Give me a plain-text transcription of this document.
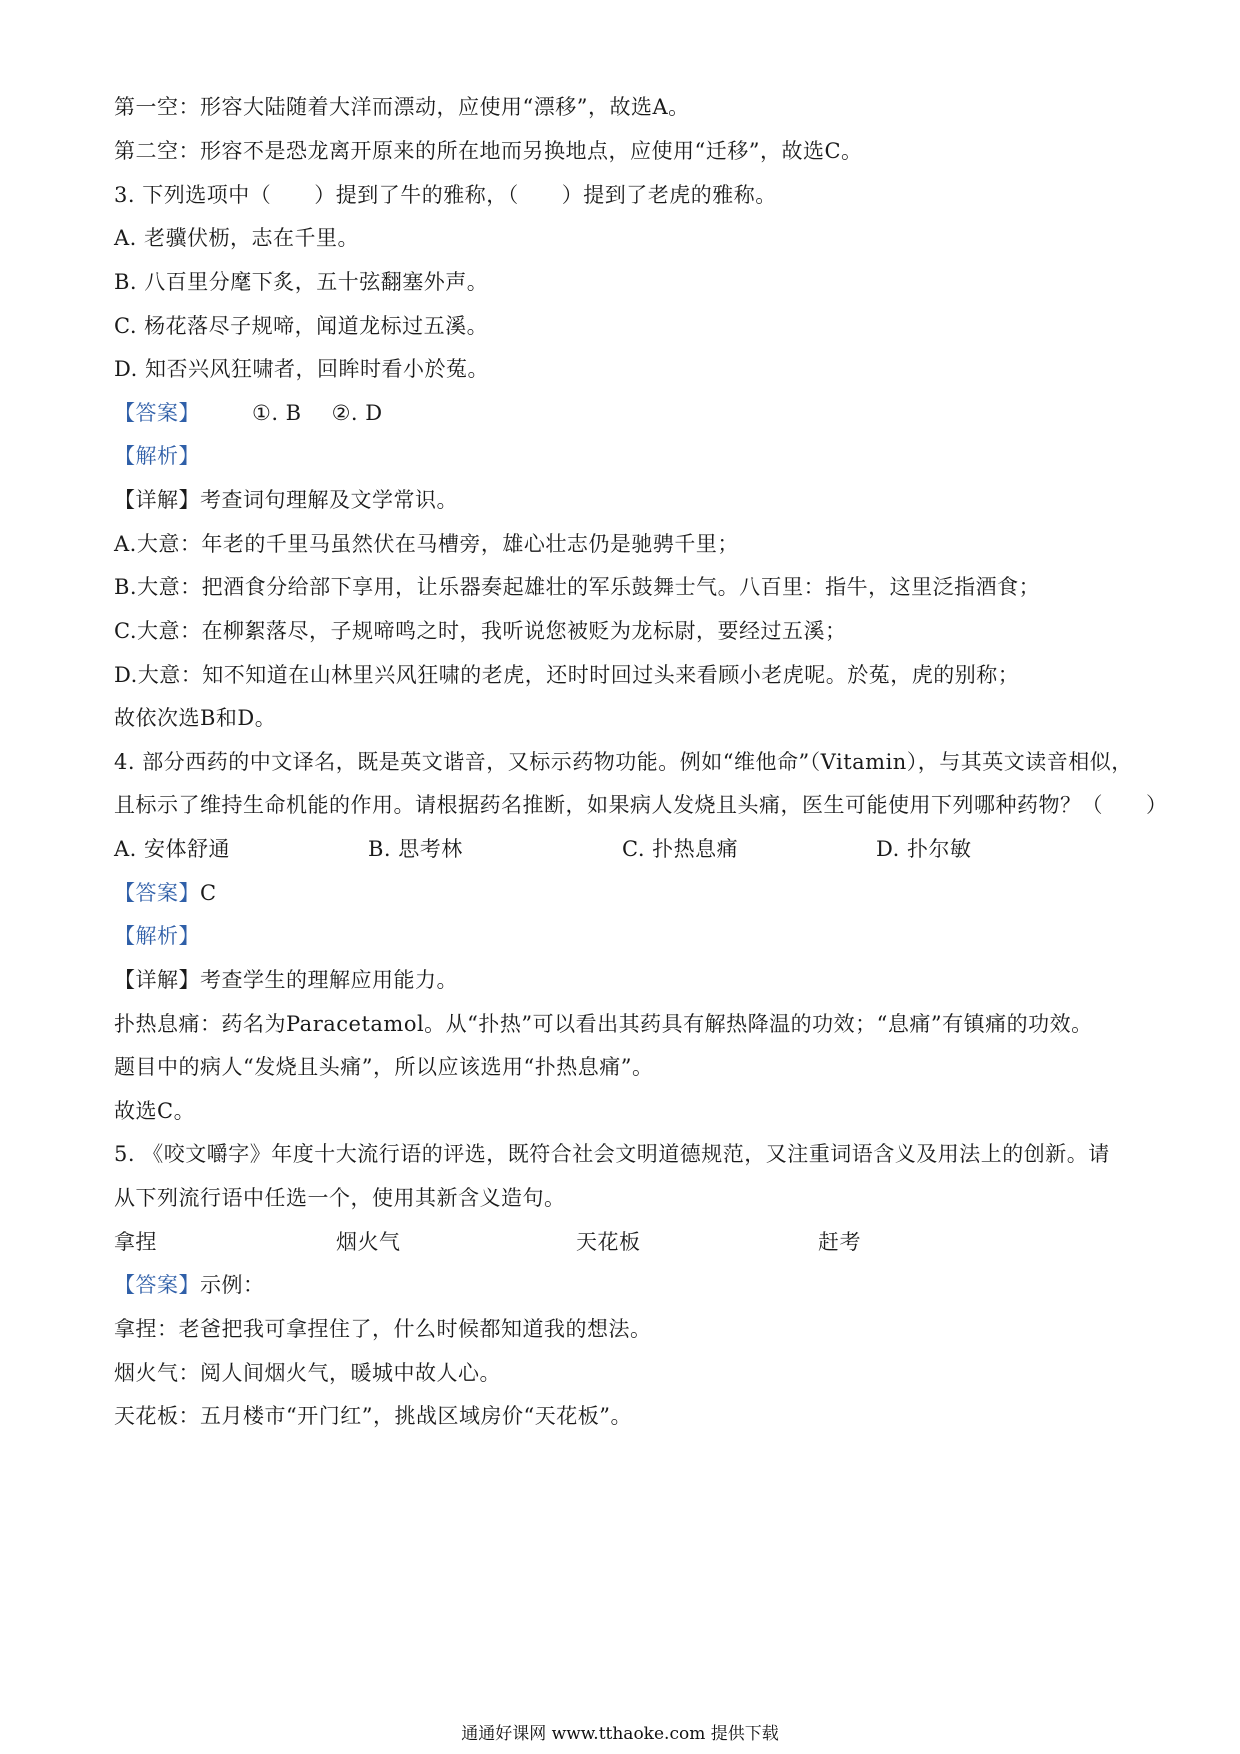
第一空：形容大陆随着大洋而漂动，应使用“漂移”，故选A。
第二空：形容不是恐龙离开原来的所在地而另换地点，应使用“迁移”，故选C。
3. 下列选项中（　　）提到了牛的雅称，（　　）提到了老虎的雅称。
A. 老骥伏枥，志在千里。
B. 八百里分麾下炙，五十弦翻塞外声。
C. 杨花落尽子规啼，闻道龙标过五溪。
D. 知否兴风狂啸者，回眸时看小於菟。
【答案】 ①. B ②. D
【解析】
【详解】考查词句理解及文学常识。
A.大意：年老的千里马虽然伏在马槽旁，雄心壮志仍是驰骋千里；
B.大意：把酒食分给部下享用，让乐器奏起雄壮的军乐鼓舞士气。八百里：指牛，这里泛指酒食；
C.大意：在柳絮落尽，子规啼鸣之时，我听说您被贬为龙标尉，要经过五溪；
D.大意：知不知道在山林里兴风狂啸的老虎，还时时回过头来看顾小老虎呢。於菟，虎的别称；
故依次选B和D。
4. 部分西药的中文译名，既是英文谐音，又标示药物功能。例如“维他命”（Vitamin），与其英文读音相似，
且标示了维持生命机能的作用。请根据药名推断，如果病人发烧且头痛，医生可能使用下列哪种药物？（　　）
A. 安体舒通	B. 思考林	C. 扑热息痛	D. 扑尔敏
【答案】C
【解析】
【详解】考查学生的理解应用能力。
扑热息痛：药名为Paracetamol。从“扑热”可以看出其药具有解热降温的功效；“息痛”有镇痛的功效。
题目中的病人“发烧且头痛”，所以应该选用“扑热息痛”。
故选C。
5. 《咬文嚼字》年度十大流行语的评选，既符合社会文明道德规范，又注重词语含义及用法上的创新。请
从下列流行语中任选一个，使用其新含义造句。
拿捏	烟火气	天花板	赶考
【答案】示例：
拿捏：老爸把我可拿捏住了，什么时候都知道我的想法。
烟火气：阅人间烟火气，暖城中故人心。
天花板：五月楼市“开门红”，挑战区域房价“天花板”。
通通好课网 www.tthaoke.com 提供下载
